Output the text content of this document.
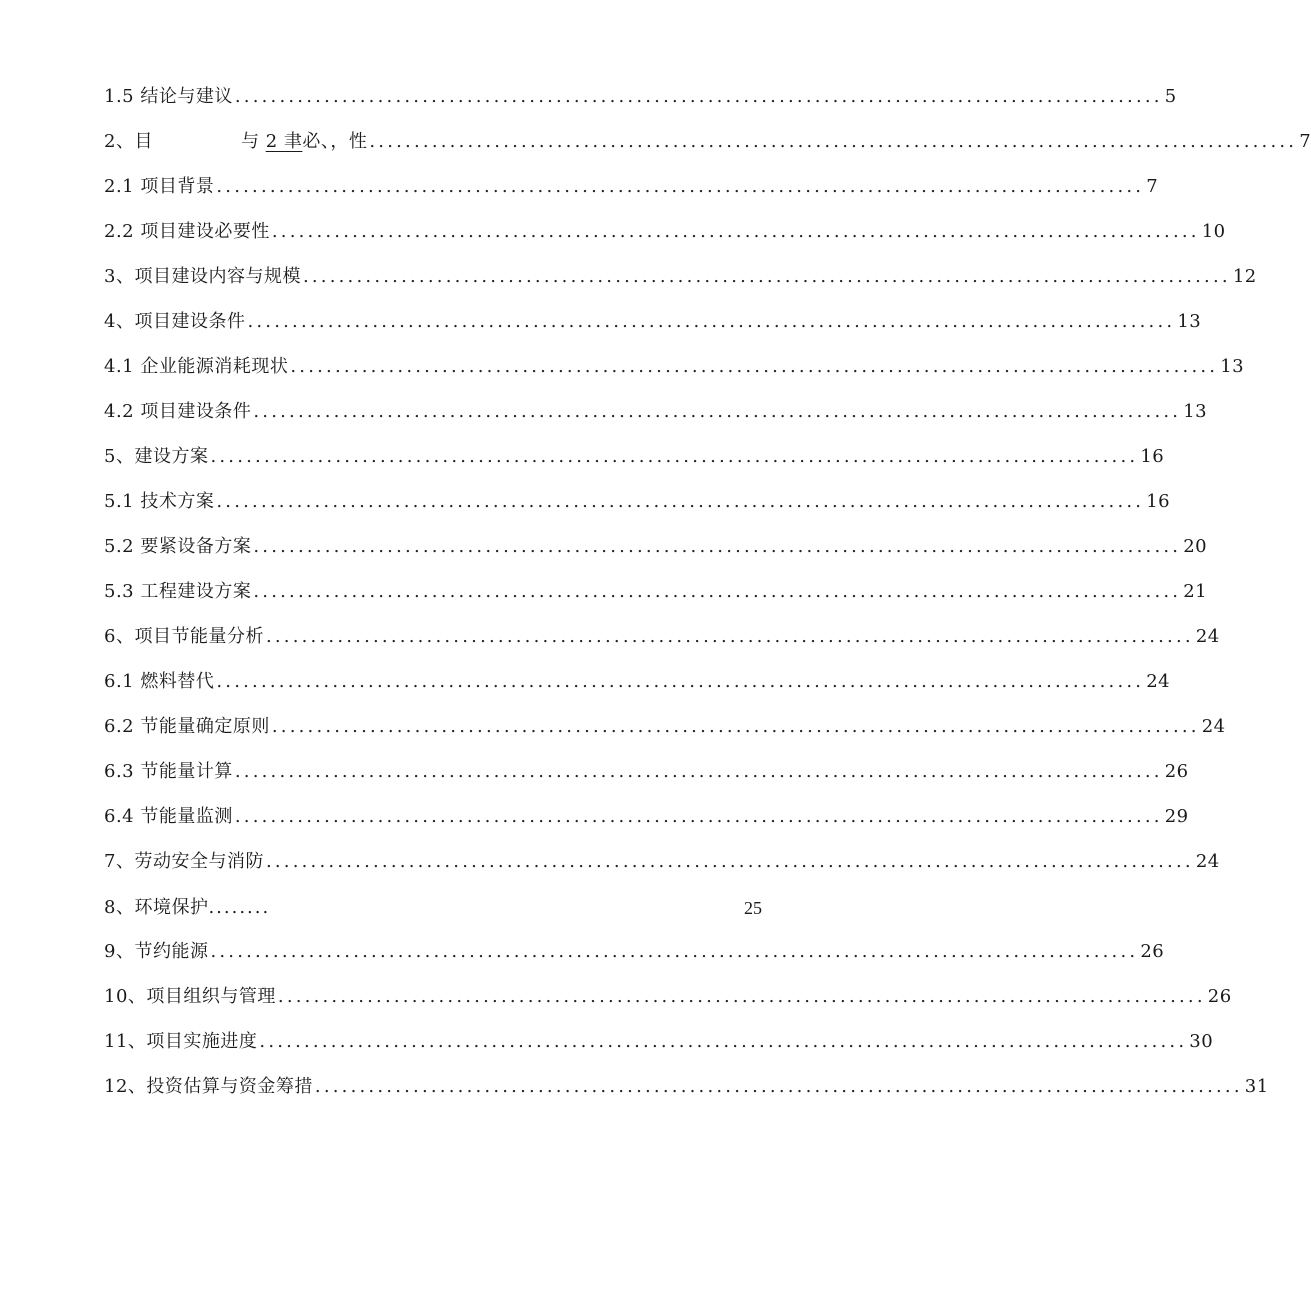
1.5 结论与建议 ........................................................................................................ 5
2、目	与 2 聿必、，性 ........................................................................................................ 7
2.1 项目背景 ........................................................................................................ 7
2.2 项目建设必要性 ........................................................................................................ 10
3、项目建设内容与规模 ........................................................................................................ 12
4、项目建设条件 ........................................................................................................ 13
4.1 企业能源消耗现状 ........................................................................................................ 13
4.2 项目建设条件 ........................................................................................................ 13
5、建设方案 ........................................................................................................ 16
5.1 技术方案 ........................................................................................................ 16
5.2 要紧设备方案 ........................................................................................................ 20
5.3 工程建设方案 ........................................................................................................ 21
6、项目节能量分析 ........................................................................................................ 24
6.1 燃料替代 ........................................................................................................ 24
6.2 节能量确定原则 ........................................................................................................ 24
6.3 节能量计算 ........................................................................................................ 26
6.4 节能量监测 ........................................................................................................ 29
7、劳动安全与消防 ........................................................................................................ 24
8、环境保护 ........	25
9、节约能源 ........................................................................................................ 26
10、项目组织与管理 ........................................................................................................ 26
11、项目实施进度 ........................................................................................................ 30
12、投资估算与资金筹措 ........................................................................................................ 31
